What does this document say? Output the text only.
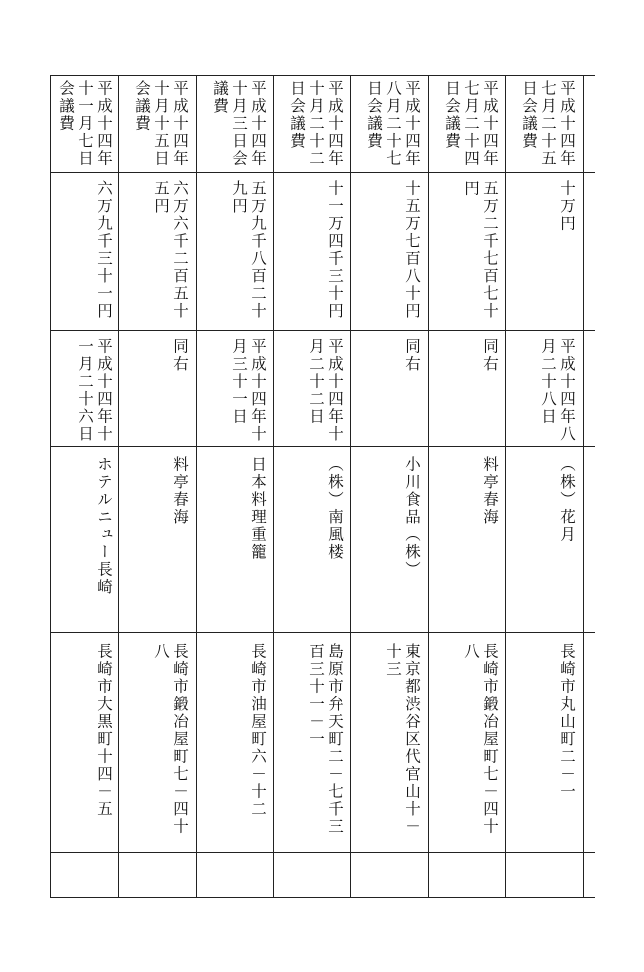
平成十四年
七月二十五
日会議費
十万円
平成十四年八
月二十八日
（株）花月
長崎市丸山町二－一
平成十四年
七月二十四
日会議費
五万二千七百七十
円
同右
料亭春海
長崎市鍛冶屋町七－四十
八
平成十四年
八月二十七
日会議費
十五万七百八十円
同右
小川食品（株）
東京都渋谷区代官山十－
十三
平成十四年
十月二十二
日会議費
十一万四千三十円
平成十四年十
月二十二日
（株）南風楼
島原市弁天町二－七千三
百三十一－一
平成十四年
十月三日会
議費
五万九千八百二十
九円
平成十四年十
月三十一日
日本料理重籠
長崎市油屋町六－十二
平成十四年
十月十五日
会議費
六万六千二百五十
五円
同右
料亭春海
長崎市鍛冶屋町七－四十
八
平成十四年
十一月七日
会議費
六万九千三十一円
平成十四年十
一月二十六日
ホテルニュー長崎
長崎市大黒町十四－五
